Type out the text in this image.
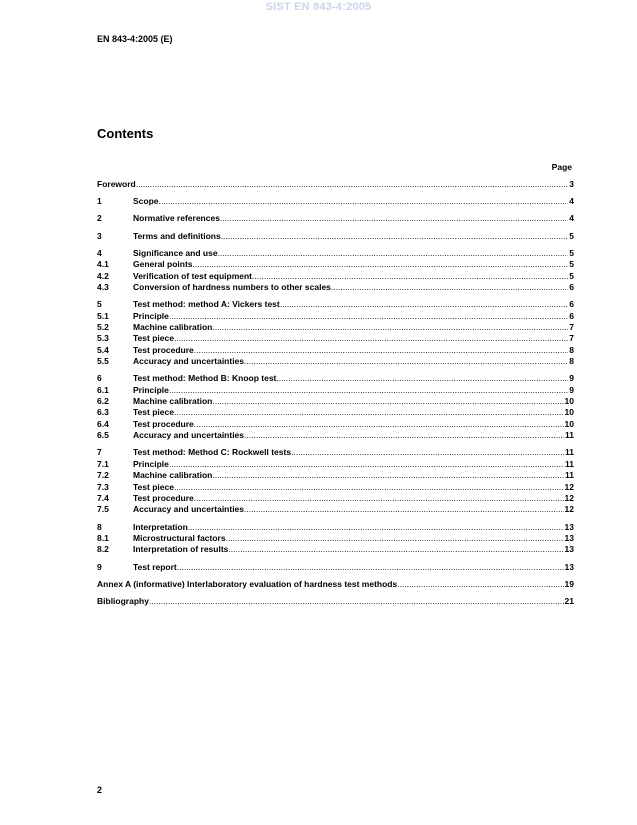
SIST EN 843-4:2005
EN 843-4:2005 (E)
Contents
Page
Foreword .....	3
1	Scope .....	4
2	Normative references .....	4
3	Terms and definitions .....	5
4	Significance and use .....	5
4.1	General points .....	5
4.2	Verification of test equipment .....	5
4.3	Conversion of hardness numbers to other scales .....	6
5	Test method: method A: Vickers test .....	6
5.1	Principle .....	6
5.2	Machine calibration .....	7
5.3	Test piece .....	7
5.4	Test procedure .....	8
5.5	Accuracy and uncertainties .....	8
6	Test method: Method B: Knoop test .....	9
6.1	Principle .....	9
6.2	Machine calibration .....	10
6.3	Test piece .....	10
6.4	Test procedure .....	10
6.5	Accuracy and uncertainties .....	11
7	Test method: Method C: Rockwell tests .....	11
7.1	Principle .....	11
7.2	Machine calibration .....	11
7.3	Test piece .....	12
7.4	Test procedure .....	12
7.5	Accuracy and uncertainties .....	12
8	Interpretation .....	13
8.1	Microstructural factors .....	13
8.2	Interpretation of results .....	13
9	Test report .....	13
Annex A (informative) Interlaboratory evaluation of hardness test methods .....	19
Bibliography .....	21
2
